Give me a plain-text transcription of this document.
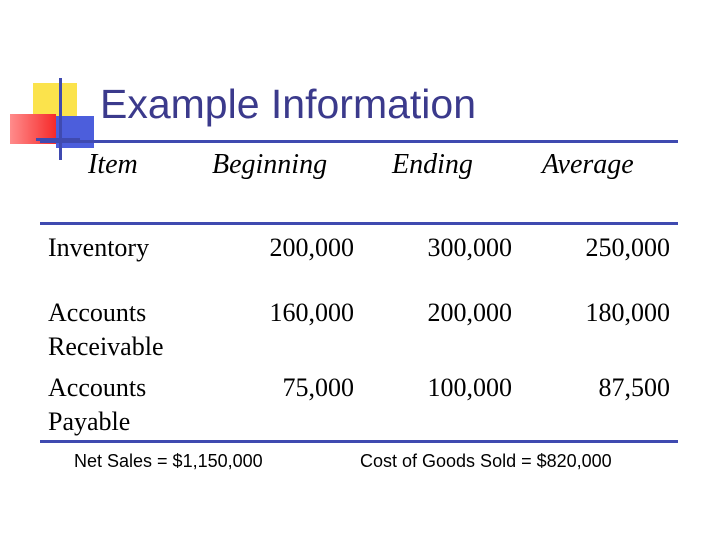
Example Information
Item	Beginning Ending Average
Inventory	200,000	300,000	250,000
Accounts
Receivable
160,000	200,000	180,000
Accounts
Payable
75,000	100,000	87,500
Net Sales = $1,150,000	Cost of Goods Sold = $820,000
